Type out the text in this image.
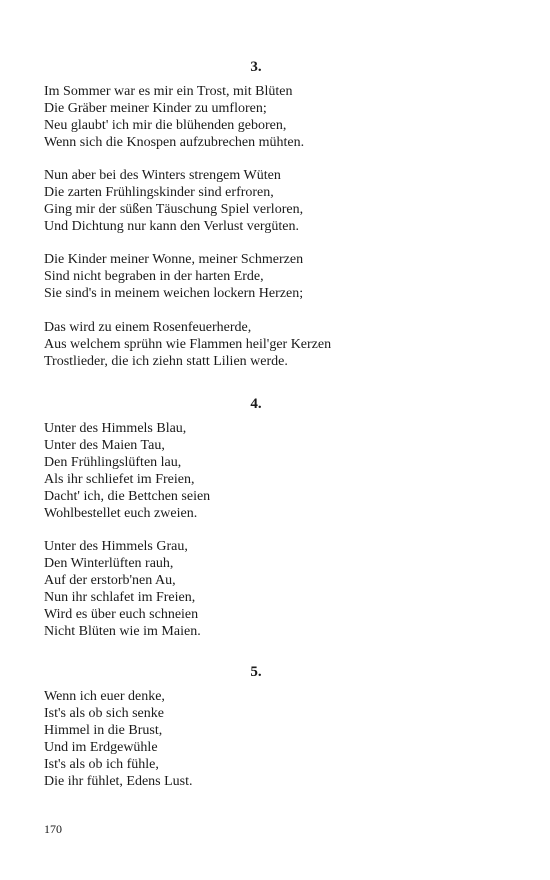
3.
Im Sommer war es mir ein Trost, mit Blüten
Die Gräber meiner Kinder zu umfloren;
Neu glaubt' ich mir die blühenden geboren,
Wenn sich die Knospen aufzubrechen mühten.
Nun aber bei des Winters strengem Wüten
Die zarten Frühlingskinder sind erfroren,
Ging mir der süßen Täuschung Spiel verloren,
Und Dichtung nur kann den Verlust vergüten.
Die Kinder meiner Wonne, meiner Schmerzen
Sind nicht begraben in der harten Erde,
Sie sind's in meinem weichen lockern Herzen;
Das wird zu einem Rosenfeuerherde,
Aus welchem sprühn wie Flammen heil'ger Kerzen
Trostlieder, die ich ziehn statt Lilien werde.
4.
Unter des Himmels Blau,
Unter des Maien Tau,
Den Frühlingslüften lau,
Als ihr schliefet im Freien,
Dacht' ich, die Bettchen seien
Wohlbestellet euch zweien.
Unter des Himmels Grau,
Den Winterlüften rauh,
Auf der erstorb'nen Au,
Nun ihr schlafet im Freien,
Wird es über euch schneien
Nicht Blüten wie im Maien.
5.
Wenn ich euer denke,
Ist's als ob sich senke
Himmel in die Brust,
Und im Erdgewühle
Ist's als ob ich fühle,
Die ihr fühlet, Edens Lust.
170
